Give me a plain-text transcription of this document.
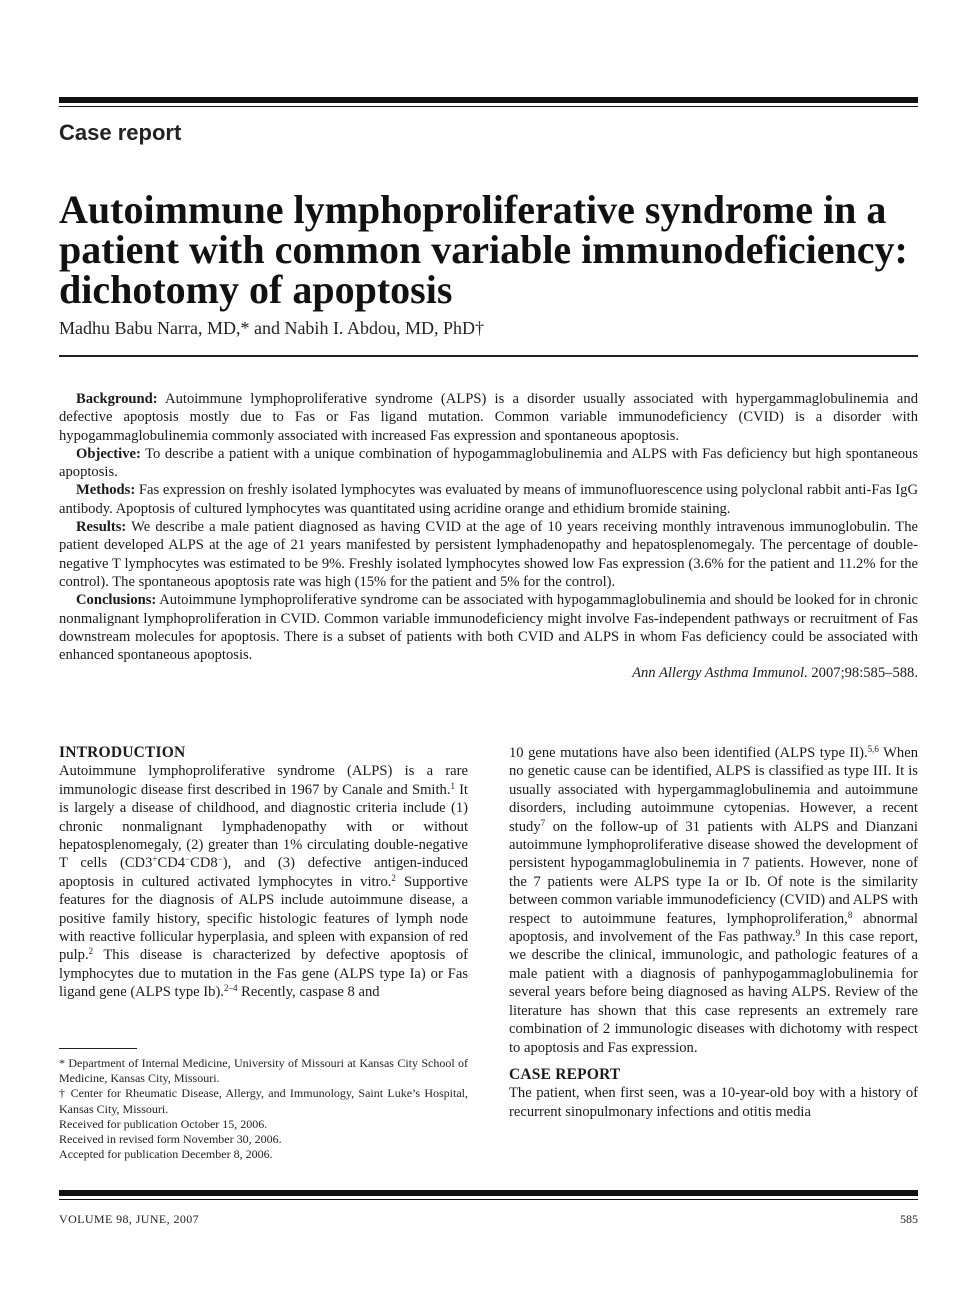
Case report
Autoimmune lymphoproliferative syndrome in a patient with common variable immunodeficiency: dichotomy of apoptosis
Madhu Babu Narra, MD,* and Nabih I. Abdou, MD, PhD†

Background: Autoimmune lymphoproliferative syndrome (ALPS) is a disorder usually associated with hypergammaglobulinemia and defective apoptosis mostly due to Fas or Fas ligand mutation. Common variable immunodeficiency (CVID) is a disorder with hypogammaglobulinemia commonly associated with increased Fas expression and spontaneous apoptosis.

Objective: To describe a patient with a unique combination of hypogammaglobulinemia and ALPS with Fas deficiency but high spontaneous apoptosis.

Methods: Fas expression on freshly isolated lymphocytes was evaluated by means of immunofluorescence using polyclonal rabbit anti-Fas IgG antibody. Apoptosis of cultured lymphocytes was quantitated using acridine orange and ethidium bromide staining.

Results: We describe a male patient diagnosed as having CVID at the age of 10 years receiving monthly intravenous immunoglobulin. The patient developed ALPS at the age of 21 years manifested by persistent lymphadenopathy and hepatosplenomegaly. The percentage of double-negative T lymphocytes was estimated to be 9%. Freshly isolated lymphocytes showed low Fas expression (3.6% for the patient and 11.2% for the control). The spontaneous apoptosis rate was high (15% for the patient and 5% for the control).

Conclusions: Autoimmune lymphoproliferative syndrome can be associated with hypogammaglobulinemia and should be looked for in chronic nonmalignant lymphoproliferation in CVID. Common variable immunodeficiency might involve Fas-independent pathways or recruitment of Fas downstream molecules for apoptosis. There is a subset of patients with both CVID and ALPS in whom Fas deficiency could be associated with enhanced spontaneous apoptosis.

Ann Allergy Asthma Immunol. 2007;98:585–588.

INTRODUCTION

Autoimmune lymphoproliferative syndrome (ALPS) is a rare immunologic disease first described in 1967 by Canale and Smith.$^1$ It is largely a disease of childhood, and diagnostic criteria include (1) chronic nonmalignant lymphadenopathy with or without hepatosplenomegaly, (2) greater than 1% circulating double-negative T cells (CD3+CD4−CD8−), and (3) defective antigen-induced apoptosis in cultured activated lymphocytes in vitro.$^2$ Supportive features for the diagnosis of ALPS include autoimmune disease, a positive family history, specific histologic features of lymph node with reactive follicular hyperplasia, and spleen with expansion of red pulp.$^2$ This disease is characterized by defective apoptosis of lymphocytes due to mutation in the Fas gene (ALPS type Ia) or Fas ligand gene (ALPS type Ib).$^{2-4}$ Recently, caspase 8 and

* Department of Internal Medicine, University of Missouri at Kansas City School of Medicine, Kansas City, Missouri.

† Center for Rheumatic Disease, Allergy, and Immunology, Saint Luke’s Hospital, Kansas City, Missouri.

Received for publication October 15, 2006.

Received in revised form November 30, 2006.

Accepted for publication December 8, 2006.

10 gene mutations have also been identified (ALPS type II).$^{5,6}$ When no genetic cause can be identified, ALPS is classified as type III. It is usually associated with hypergammaglobulinemia and autoimmune disorders, including autoimmune cytopenias. However, a recent study$^7$ on the follow-up of 31 patients with ALPS and Dianzani autoimmune lymphoproliferative disease showed the development of persistent hypogammaglobulinemia in 7 patients. However, none of the 7 patients were ALPS type Ia or Ib. Of note is the similarity between common variable immunodeficiency (CVID) and ALPS with respect to autoimmune features, lymphoproliferation,$^8$ abnormal apoptosis, and involvement of the Fas pathway.$^9$ In this case report, we describe the clinical, immunologic, and pathologic features of a male patient with a diagnosis of panhypogammaglobulinemia for several years before being diagnosed as having ALPS. Review of the literature has shown that this case represents an extremely rare combination of 2 immunologic diseases with dichotomy with respect to apoptosis and Fas expression.

CASE REPORT

The patient, when first seen, was a 10-year-old boy with a history of recurrent sinopulmonary infections and otitis media

VOLUME 98, JUNE, 2007	585
